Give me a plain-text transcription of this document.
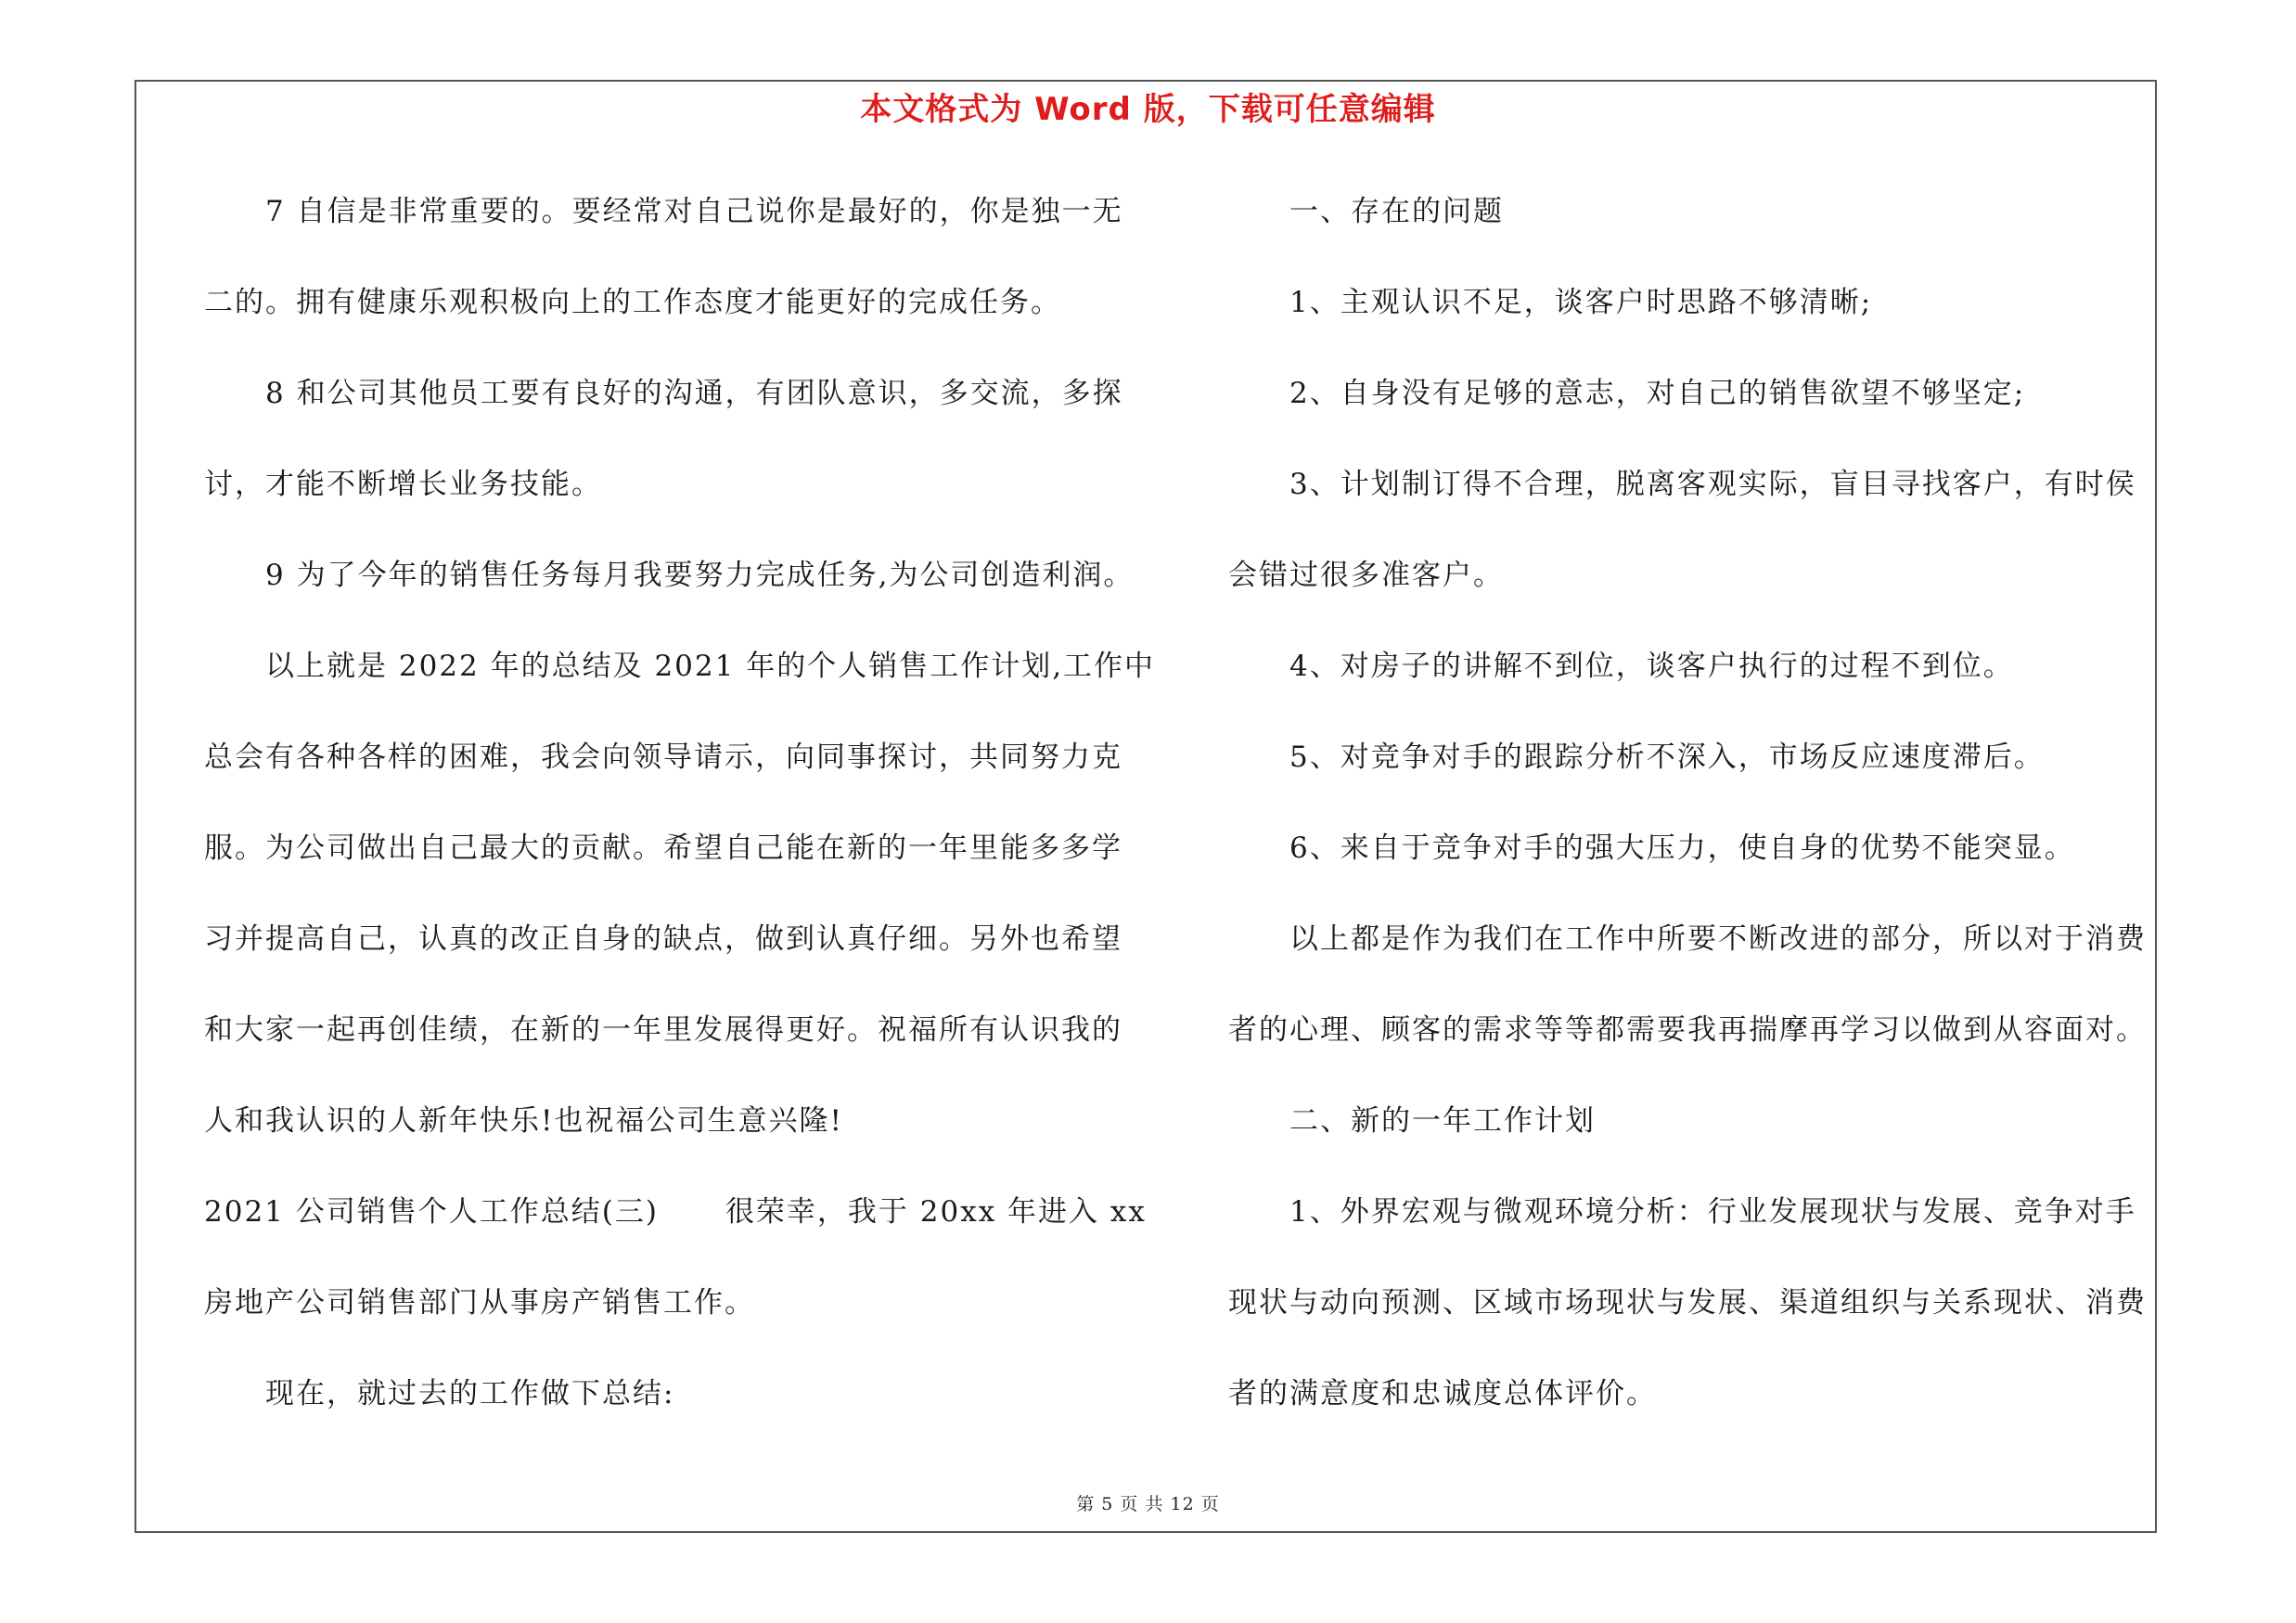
本文格式为 Word 版，下载可任意编辑
7 自信是非常重要的。要经常对自己说你是最好的，你是独一无
二的。拥有健康乐观积极向上的工作态度才能更好的完成任务。
8 和公司其他员工要有良好的沟通，有团队意识，多交流，多探
讨，才能不断增长业务技能。
9 为了今年的销售任务每月我要努力完成任务,为公司创造利润。
以上就是 2022 年的总结及 2021 年的个人销售工作计划,工作中
总会有各种各样的困难，我会向领导请示，向同事探讨，共同努力克
服。为公司做出自己最大的贡献。希望自己能在新的一年里能多多学
习并提高自己，认真的改正自身的缺点，做到认真仔细。另外也希望
和大家一起再创佳绩，在新的一年里发展得更好。祝福所有认识我的
人和我认识的人新年快乐!也祝福公司生意兴隆!
2021 公司销售个人工作总结(三) 很荣幸，我于 20xx 年进入 xx
房地产公司销售部门从事房产销售工作。
现在，就过去的工作做下总结:
一、存在的问题
1、主观认识不足，谈客户时思路不够清晰;
2、自身没有足够的意志，对自己的销售欲望不够坚定;
3、计划制订得不合理，脱离客观实际，盲目寻找客户，有时侯
会错过很多准客户。
4、对房子的讲解不到位，谈客户执行的过程不到位。
5、对竞争对手的跟踪分析不深入，市场反应速度滞后。
6、来自于竞争对手的强大压力，使自身的优势不能突显。
以上都是作为我们在工作中所要不断改进的部分，所以对于消费
者的心理、顾客的需求等等都需要我再揣摩再学习以做到从容面对。
二、新的一年工作计划
1、外界宏观与微观环境分析：行业发展现状与发展、竞争对手
现状与动向预测、区域市场现状与发展、渠道组织与关系现状、消费
者的满意度和忠诚度总体评价。
第 5 页 共 12 页
